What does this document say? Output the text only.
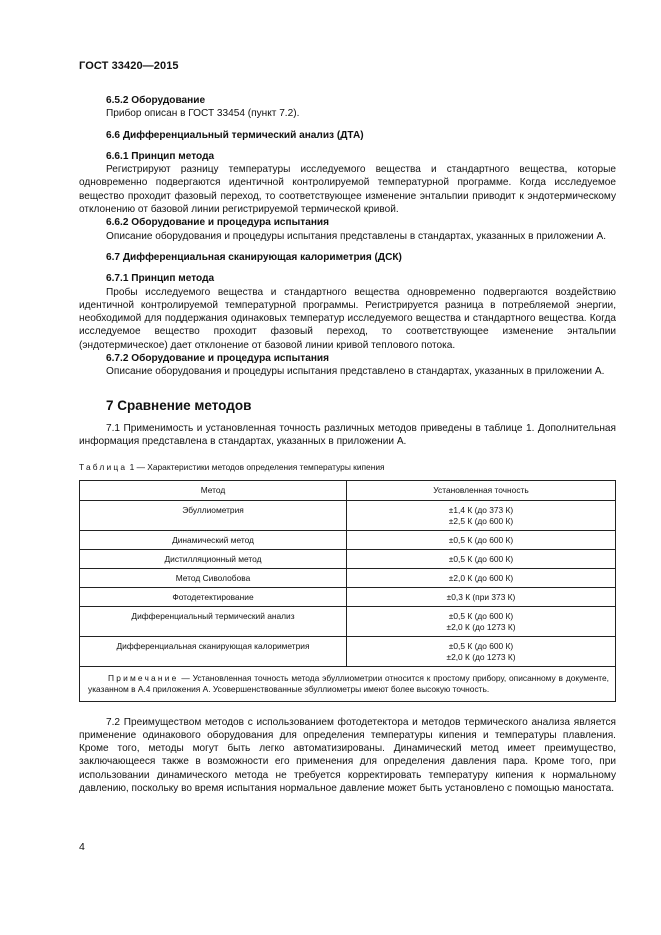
ГОСТ 33420—2015
6.5.2 Оборудование
Прибор описан в ГОСТ 33454 (пункт 7.2).
6.6 Дифференциальный термический анализ (ДТА)
6.6.1 Принцип метода
Регистрируют разницу температуры исследуемого вещества и стандартного вещества, которые одновременно подвергаются идентичной контролируемой температурной программе. Когда исследуемое вещество проходит фазовый переход, то соответствующее изменение энтальпии приводит к эндотермическому отклонению от базовой линии регистрируемой термической кривой.
6.6.2 Оборудование и процедура испытания
Описание оборудования и процедуры испытания представлены в стандартах, указанных в приложении А.
6.7 Дифференциальная сканирующая калориметрия (ДСК)
6.7.1 Принцип метода
Пробы исследуемого вещества и стандартного вещества одновременно подвергаются воздействию идентичной контролируемой температурной программы. Регистрируется разница в потребляемой энергии, необходимой для поддержания одинаковых температур исследуемого вещества и стандартного вещества. Когда исследуемое вещество проходит фазовый переход, то соответствующее изменение энтальпии (эндотермическое) дает отклонение от базовой линии кривой теплового потока.
6.7.2 Оборудование и процедура испытания
Описание оборудования и процедуры испытания представлено в стандартах, указанных в приложении А.
7 Сравнение методов
7.1 Применимость и установленная точность различных методов приведены в таблице 1. Дополнительная информация представлена в стандартах, указанных в приложении А.
Таблица 1 — Характеристики методов определения температуры кипения
Метод	Установленная точность
Эбуллиометрия	±1,4 К (до 373 К)
±2,5 К (до 600 К)

Динамический метод	±0,5 К (до 600 К)

Дистилляционный метод	±0,5 К (до 600 К)

Метод Сиволобова	±2,0 К (до 600 К)

Фотодетектирование	±0,3 К (при 373 К)

Дифференциальный термический анализ	±0,5 К (до 600 К)
±2,0 К (до 1273 К)

Дифференциальная сканирующая калориметрия	±0,5 К (до 600 К)
±2,0 К (до 1273 К)

Примечание — Установленная точность метода эбуллиометрии относится к простому прибору, описанному в документе, указанном в А.4 приложения А. Усовершенствованные эбуллиометры имеют более высокую точность.	
7.2 Преимуществом методов с использованием фотодетектора и методов термического анализа является применение одинакового оборудования для определения температуры кипения и температуры плавления. Кроме того, методы могут быть легко автоматизированы. Динамический метод имеет преимущество, заключающееся также в возможности его применения для определения давления пара. Кроме того, при использовании динамического метода не требуется корректировать температуру кипения к нормальному давлению, поскольку во время испытания нормальное давление может быть установлено с помощью маностата.
4
